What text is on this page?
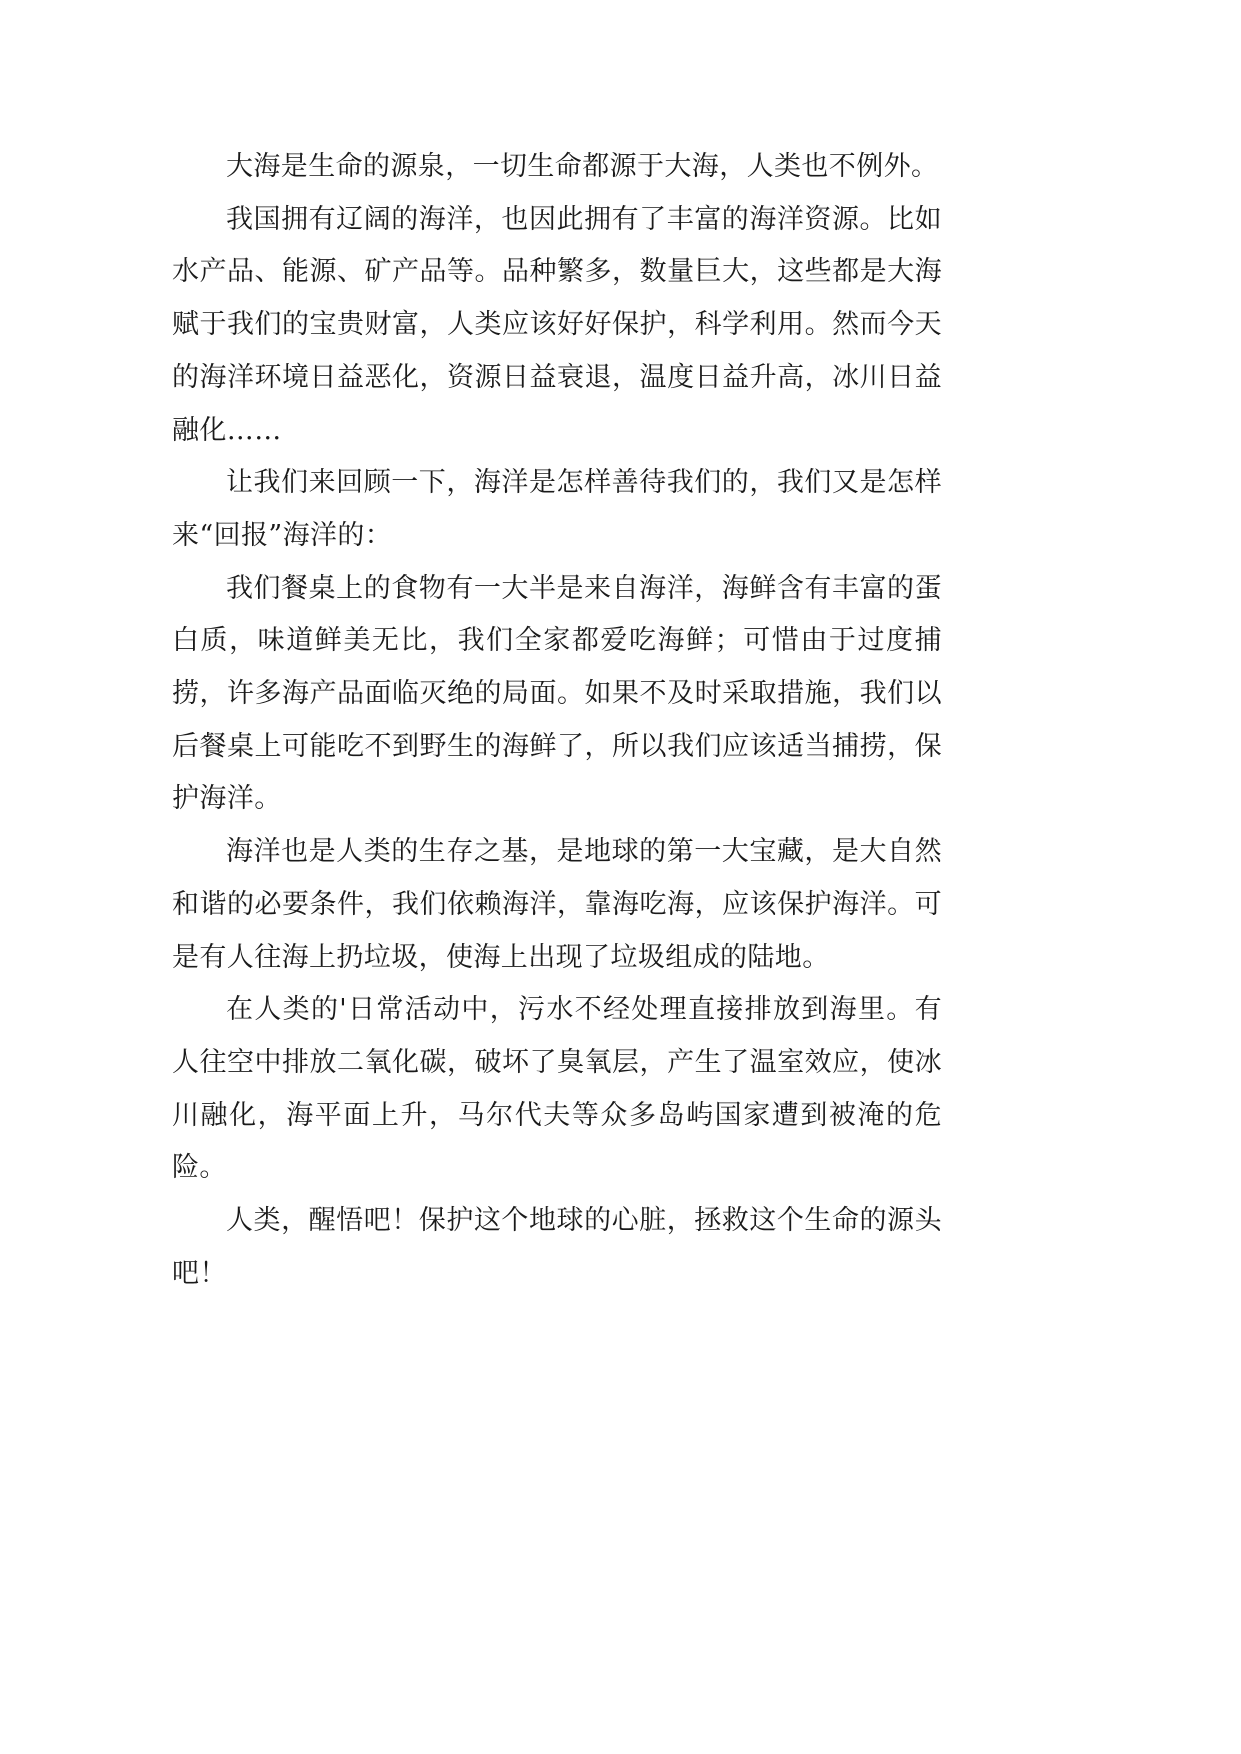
大海是生命的源泉，一切生命都源于大海，人类也不例外。

我国拥有辽阔的海洋，也因此拥有了丰富的海洋资源。比如水产品、能源、矿产品等。品种繁多，数量巨大，这些都是大海赋于我们的宝贵财富，人类应该好好保护，科学利用。然而今天的海洋环境日益恶化，资源日益衰退，温度日益升高，冰川日益融化……

让我们来回顾一下，海洋是怎样善待我们的，我们又是怎样来“回报”海洋的：

我们餐桌上的食物有一大半是来自海洋，海鲜含有丰富的蛋白质，味道鲜美无比，我们全家都爱吃海鲜；可惜由于过度捕捞，许多海产品面临灭绝的局面。如果不及时采取措施，我们以后餐桌上可能吃不到野生的海鲜了，所以我们应该适当捕捞，保护海洋。

海洋也是人类的生存之基，是地球的第一大宝藏，是大自然和谐的必要条件，我们依赖海洋，靠海吃海，应该保护海洋。可是有人往海上扔垃圾，使海上出现了垃圾组成的陆地。

在人类的'日常活动中，污水不经处理直接排放到海里。有人往空中排放二氧化碳，破坏了臭氧层，产生了温室效应，使冰川融化，海平面上升，马尔代夫等众多岛屿国家遭到被淹的危险。

人类，醒悟吧！保护这个地球的心脏，拯救这个生命的源头吧！
